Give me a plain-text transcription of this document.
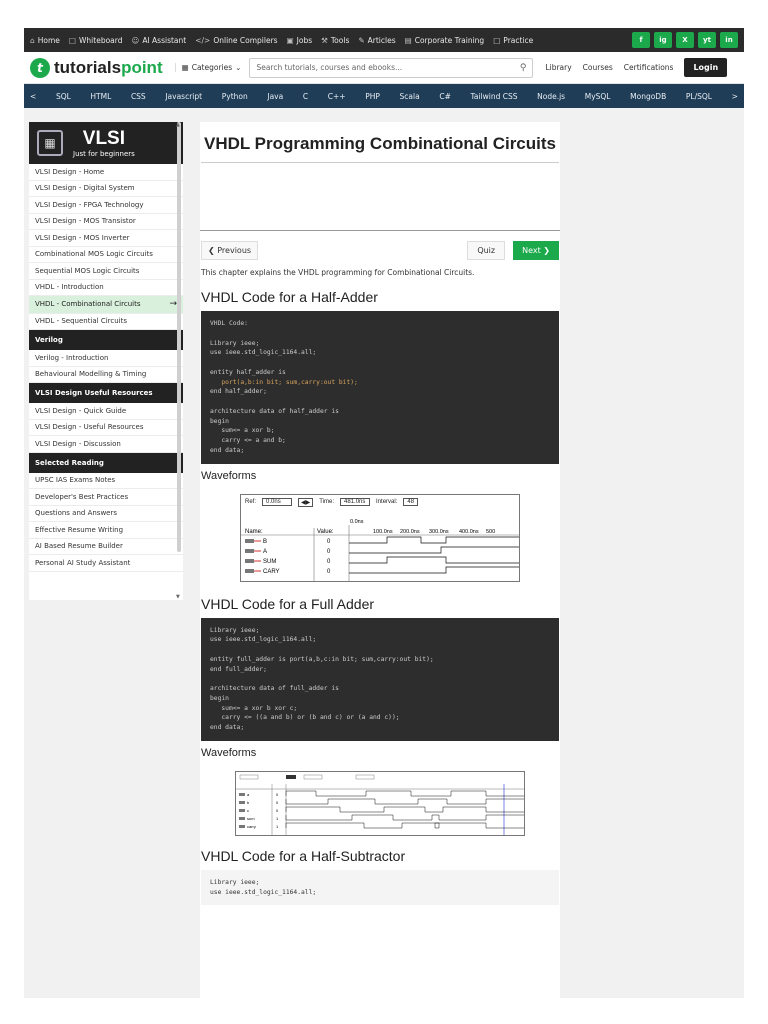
⌂ Home □ Whiteboard ☺ AI Assistant </> Online Compilers ▣ Jobs ⚒ Tools ✎ Articles ▤ Corporate Training □ Practice	f	ig	X	yt	in
t tutorialspoint	▦ Categories ⌄ Search tutorials, courses and ebooks...	⚲	Library Courses Certifications	Login
<	SQL	HTML	CSS	Javascript	Python	Java	C	C++	PHP	Scala	C#	Tailwind CSS	Node.js	MySQL	MongoDB	PL/SQL	>
▦	VLSI
Just for beginners
VLSI Design - Home
VLSI Design - Digital System
VLSI Design - FPGA Technology
VLSI Design - MOS Transistor
VLSI Design - MOS Inverter
Combinational MOS Logic Circuits
Sequential MOS Logic Circuits
VHDL - Introduction
VHDL - Combinational Circuits	→
VHDL - Sequential Circuits
Verilog
Verilog - Introduction
Behavioural Modelling & Timing
VLSI Design Useful Resources
VLSI Design - Quick Guide
VLSI Design - Useful Resources
VLSI Design - Discussion
Selected Reading
UPSC IAS Exams Notes
Developer's Best Practices
Questions and Answers
Effective Resume Writing
AI Based Resume Builder
Personal AI Study Assistant
▲
▼
VHDL Programming Combinational Circuits
❮ Previous	Quiz	Next ❯

This chapter explains the VHDL programming for Combinational Circuits.

VHDL Code for a Half-Adder
VHDL Code:

Library ieee;
use ieee.std_logic_1164.all;

entity half_adder is
port(a,b:in bit; sum,carry:out bit);
end half_adder;

architecture data of half_adder is
begin
sum<= a xor b;
carry <= a and b;
end data;
Waveforms
Ref:	0.0ns	◀▶	Time:	481.0ns	Interval:	48
0.0ns
Name:	Value:	100.0ns 200.0ns 300.0ns 400.0ns 500
B	0
A	0
SUM	0
CARY	0
VHDL Code for a Full Adder
Library ieee;
use ieee.std_logic_1164.all;

entity full_adder is port(a,b,c:in bit; sum,carry:out bit);
end full_adder;

architecture data of full_adder is
begin
sum<= a xor b xor c;
carry <= ((a and b) or (b and c) or (a and c));
end data;
Waveforms
a	0
b	0
c	0
sum	1
carry	1
VHDL Code for a Half-Subtractor
Library ieee;
use ieee.std_logic_1164.all;
